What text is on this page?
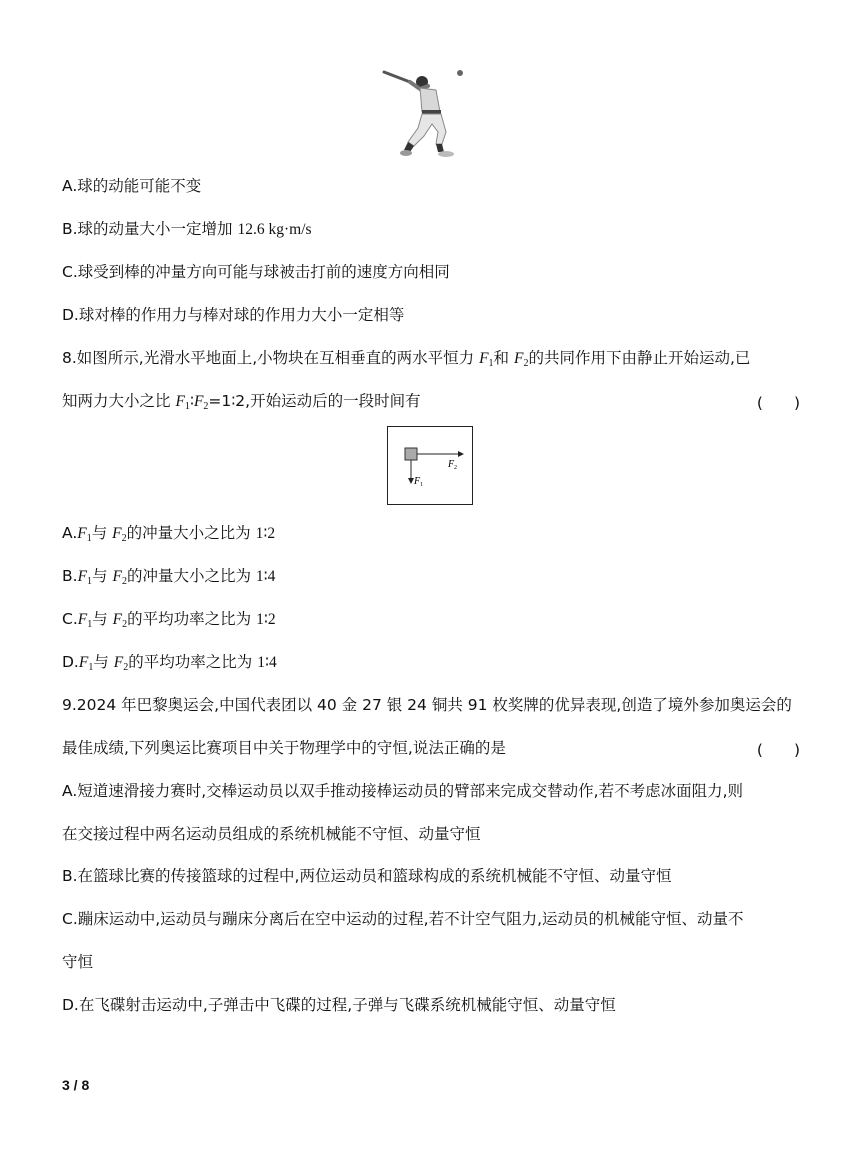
A.球的动能可能不变
B.球的动量大小一定增加 12.6 kg·m/s
C.球受到棒的冲量方向可能与球被击打前的速度方向相同
D.球对棒的作用力与棒对球的作用力大小一定相等
8.如图所示,光滑水平地面上,小物块在互相垂直的两水平恒力 $F_1$和 $F_2$的共同作用下由静止开始运动,已
知两力大小之比 $F_1∶F_2=1∶2$,开始运动后的一段时间有	(　　)
F 1
F 2
$A.F_1$与 $F_2$的冲量大小之比为 1∶2
$B.F_1$与 $F_2$的冲量大小之比为 1∶4
$C.F_1$与 $F_2$的平均功率之比为 1∶2
$D.F_1$与 $F_2$的平均功率之比为 1∶4
9.2024 年巴黎奥运会,中国代表团以 40 金 27 银 24 铜共 91 枚奖牌的优异表现,创造了境外参加奥运会的
最佳成绩,下列奥运比赛项目中关于物理学中的守恒,说法正确的是	(　　)
A.短道速滑接力赛时,交棒运动员以双手推动接棒运动员的臂部来完成交替动作,若不考虑冰面阻力,则
在交接过程中两名运动员组成的系统机械能不守恒、动量守恒
B.在篮球比赛的传接篮球的过程中,两位运动员和篮球构成的系统机械能不守恒、动量守恒
C.蹦床运动中,运动员与蹦床分离后在空中运动的过程,若不计空气阻力,运动员的机械能守恒、动量不
守恒
D.在飞碟射击运动中,子弹击中飞碟的过程,子弹与飞碟系统机械能守恒、动量守恒
3 / 8
